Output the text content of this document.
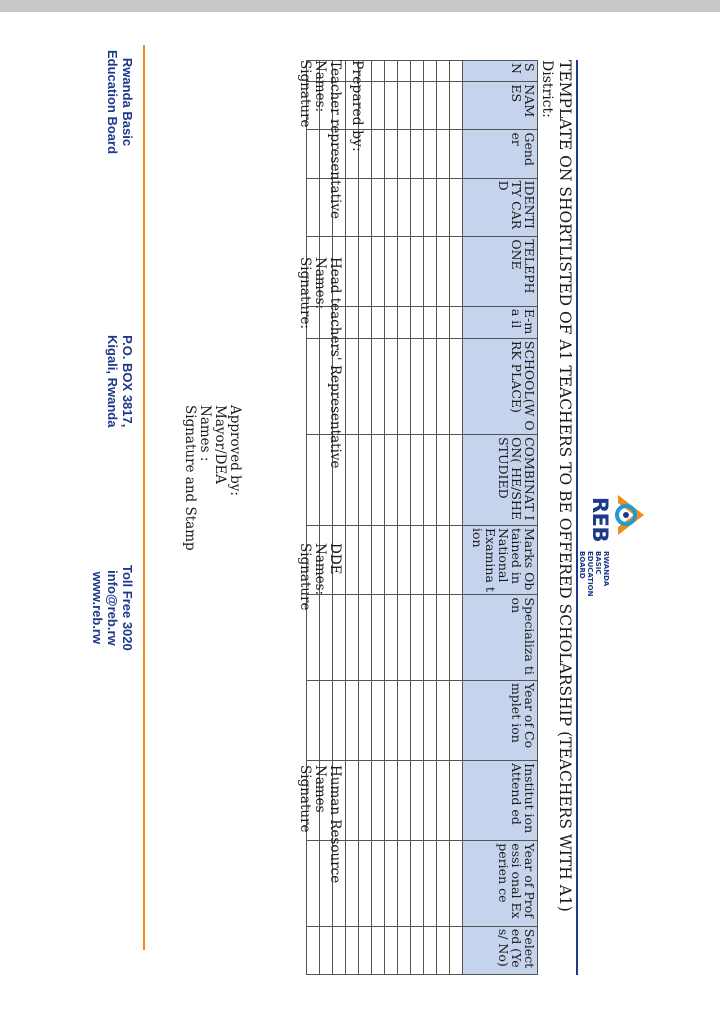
REB
RWANDA BASIC
EDUCATION BOARD
TEMPLATE ON SHORTLISTED OF A1 TEACHERS TO BE OFFERED SCHOLARSHIP (TEACHERS WITH A1)
District:
S N	NAM ES	Gend er	IDENTI TY CARD	TELEPH ONE	E-ma il	SCHOOL(W ORK PLACE)	COMBINAT ION( HE/SHE STUDIED	Marks Obtained in National Examina tion	Specializa tion	Year of Complet ion	Institut ion Attend ed	Year of Professi onal Experien ce	Select ed (Yes/ No)

Prepared by:
Teacher representative
Names:
Signature
Head teachers' Representative
Names:
Signature:
DDE
Names:
Signature
Human Resource
Names
Signature
Approved by:
Mayor/DEA
Names :
Signature and Stamp
Rwanda Basic
Education Board
P.O. BOX 3817,
Kigali, Rwanda
Toll Free 3020
info@reb.rw
www.reb.rw
